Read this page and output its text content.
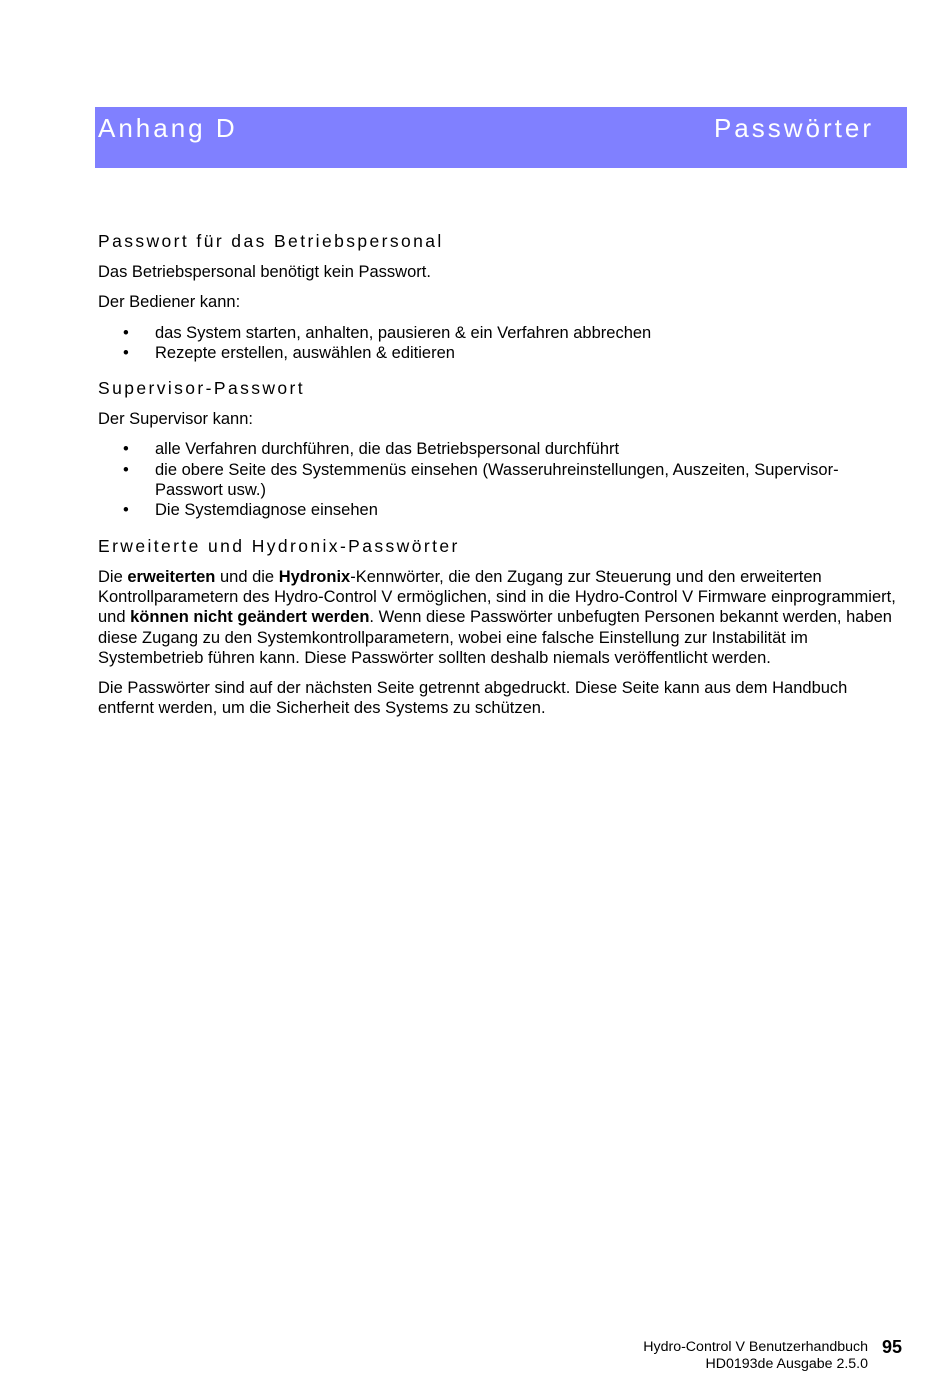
Anhang D	Passwörter
Passwort für das Betriebspersonal

Das Betriebspersonal benötigt kein Passwort.

Der Bediener kann:

• das System starten, anhalten, pausieren & ein Verfahren abbrechen
• Rezepte erstellen, auswählen & editieren
Supervisor-Passwort

Der Supervisor kann:

• alle Verfahren durchführen, die das Betriebspersonal durchführt
• die obere Seite des Systemmenüs einsehen (Wasseruhreinstellungen, Auszeiten, Supervisor-Passwort usw.)
• Die Systemdiagnose einsehen
Erweiterte und Hydronix-Passwörter

Die erweiterten und die Hydronix-Kennwörter, die den Zugang zur Steuerung und den erweiterten Kontrollparametern des Hydro-Control V ermöglichen, sind in die Hydro-Control V Firmware einprogrammiert, und können nicht geändert werden. Wenn diese Passwörter unbefugten Personen bekannt werden, haben diese Zugang zu den Systemkontrollparametern, wobei eine falsche Einstellung zur Instabilität im Systembetrieb führen kann. Diese Passwörter sollten deshalb niemals veröffentlicht werden.

Die Passwörter sind auf der nächsten Seite getrennt abgedruckt. Diese Seite kann aus dem Handbuch entfernt werden, um die Sicherheit des Systems zu schützen.

Hydro-Control V Benutzerhandbuch
HD0193de Ausgabe 2.5.0
95
